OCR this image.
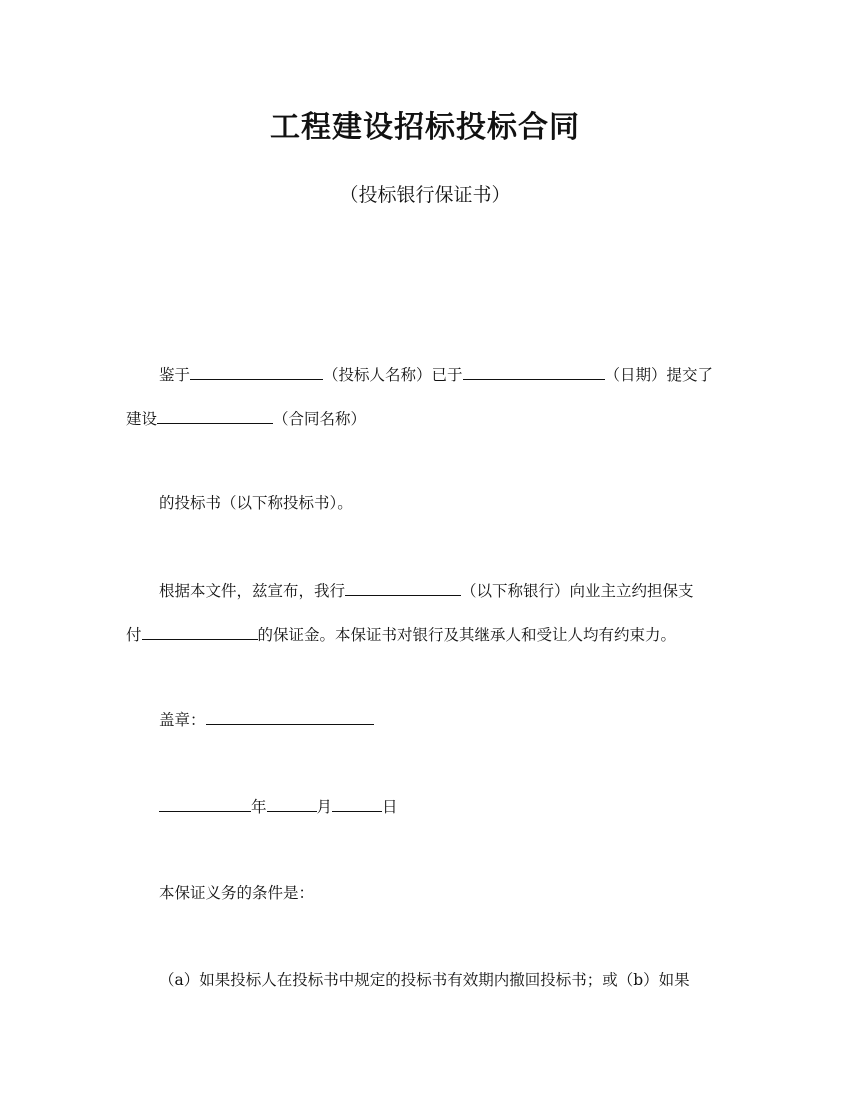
工程建设招标投标合同

（投标银行保证书）

鉴于	（投标人名称）已于	（日期）提交了
建设	（合同名称）
的投标书（以下称投标书）。
根据本文件，兹宣布，我行	（以下称银行）向业主立约担保支
付	的保证金。本保证书对银行及其继承人和受让人均有约束力。
盖章：
年	月	日
本保证义务的条件是：
（a）如果投标人在投标书中规定的投标书有效期内撤回投标书；或（b）如果
